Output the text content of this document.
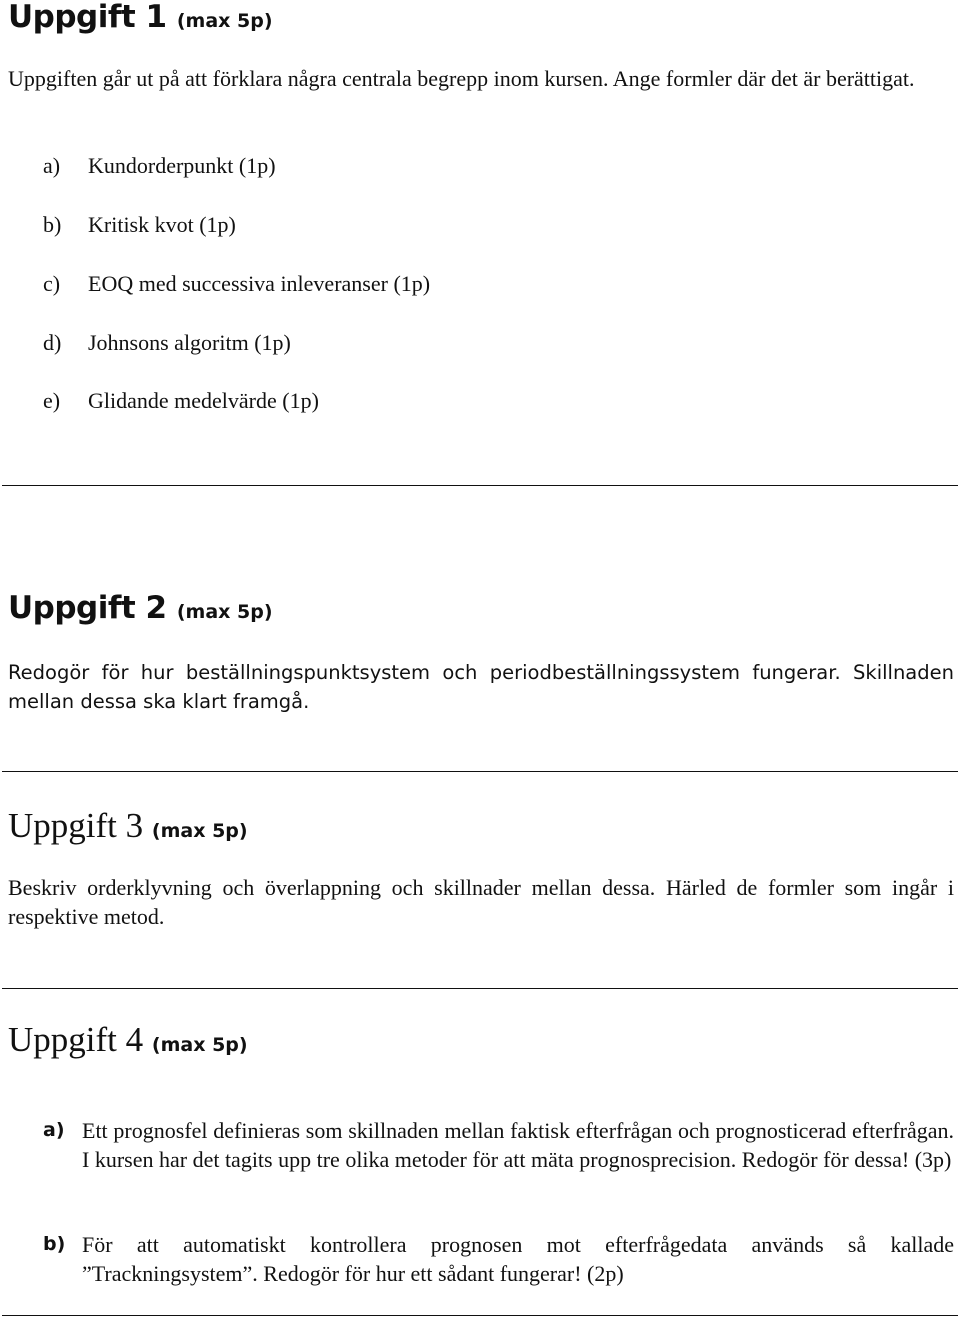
Uppgift 1 (max 5p)

Uppgiften går ut på att förklara några centrala begrepp inom kursen. Ange formler där det är berättigat.

a) Kundorderpunkt (1p)

b) Kritisk kvot (1p)

c) EOQ med successiva inleveranser (1p)

d) Johnsons algoritm (1p)

e) Glidande medelvärde (1p)

Uppgift 2 (max 5p)

Redogör för hur beställningspunktsystem och periodbeställningssystem fungerar. Skillnaden mellan dessa ska klart framgå.

Uppgift 3 (max 5p)

Beskriv orderklyvning och överlappning och skillnader mellan dessa. Härled de formler som ingår i respektive metod.

Uppgift 4 (max 5p)
a) Ett prognosfel definieras som skillnaden mellan faktisk efterfrågan och prognosticerad efterfrågan. I kursen har det tagits upp tre olika metoder för att mäta prognosprecision. Redogör för dessa! (3p)
b) För att automatiskt kontrollera prognosen mot efterfrågedata används så kallade ”Trackningsystem”. Redogör för hur ett sådant fungerar! (2p)
